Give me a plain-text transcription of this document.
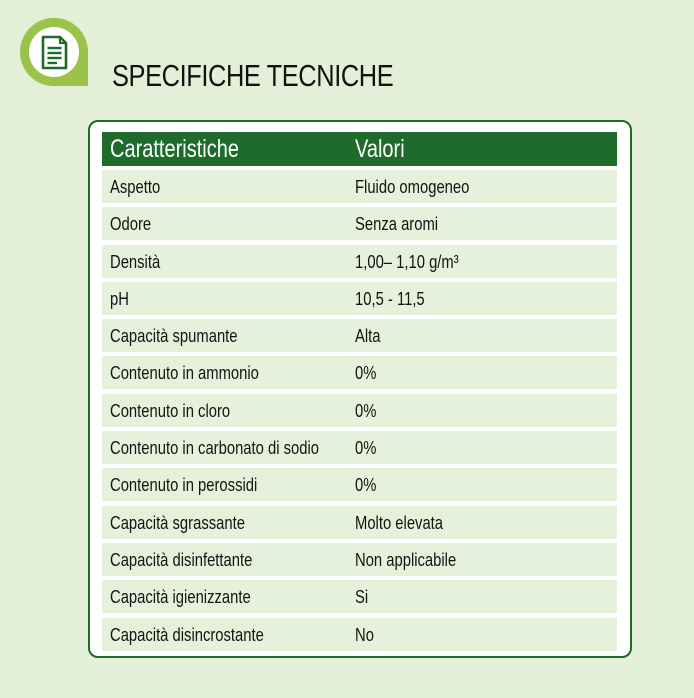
SPECIFICHE TECNICHE
Caratteristiche	Valori
Aspetto	Fluido omogeneo
Odore	Senza aromi
Densità	1,00– 1,10 g/m³
pH	10,5 - 11,5
Capacità spumante	Alta
Contenuto in ammonio	0%
Contenuto in cloro	0%
Contenuto in carbonato di sodio 0%
Contenuto in perossidi	0%
Capacità sgrassante	Molto elevata
Capacità disinfettante	Non applicabile
Capacità igienizzante	Si
Capacità disincrostante	No
